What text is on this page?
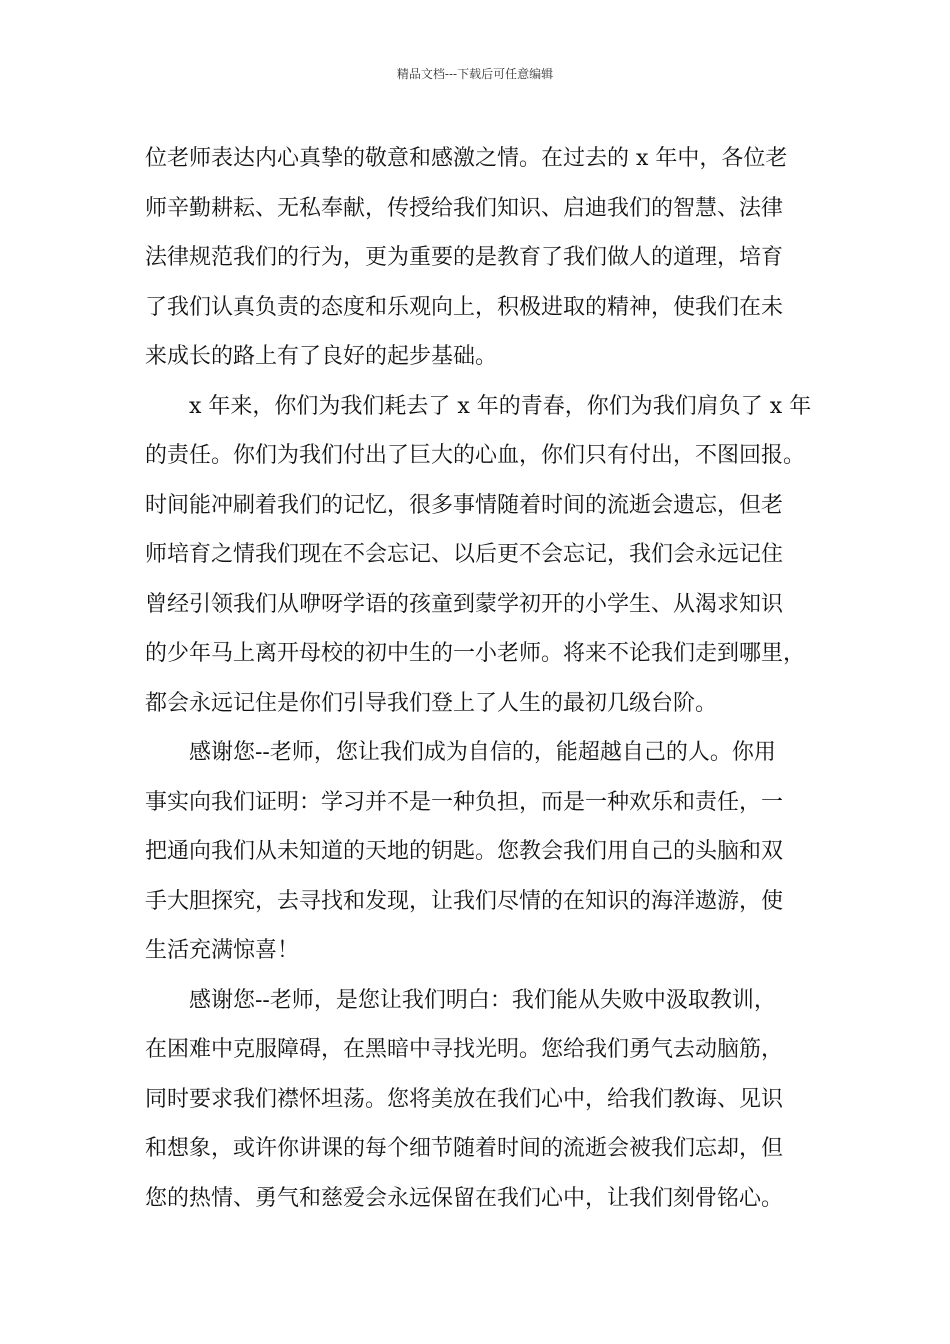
精品文档---下载后可任意编辑
位老师表达内心真挚的敬意和感激之情。在过去的 x 年中，各位老
师辛勤耕耘、无私奉献，传授给我们知识、启迪我们的智慧、法律
法律规范我们的行为，更为重要的是教育了我们做人的道理，培育
了我们认真负责的态度和乐观向上，积极进取的精神，使我们在未
来成长的路上有了良好的起步基础。
x 年来，你们为我们耗去了 x 年的青春，你们为我们肩负了 x 年
的责任。你们为我们付出了巨大的心血，你们只有付出，不图回报。
时间能冲刷着我们的记忆，很多事情随着时间的流逝会遗忘，但老
师培育之情我们现在不会忘记、以后更不会忘记，我们会永远记住
曾经引领我们从咿呀学语的孩童到蒙学初开的小学生、从渴求知识
的少年马上离开母校的初中生的一小老师。将来不论我们走到哪里，
都会永远记住是你们引导我们登上了人生的最初几级台阶。
感谢您--老师，您让我们成为自信的，能超越自己的人。你用
事实向我们证明：学习并不是一种负担，而是一种欢乐和责任，一
把通向我们从未知道的天地的钥匙。您教会我们用自己的头脑和双
手大胆探究，去寻找和发现，让我们尽情的在知识的海洋遨游，使
生活充满惊喜！
感谢您--老师，是您让我们明白：我们能从失败中汲取教训，
在困难中克服障碍，在黑暗中寻找光明。您给我们勇气去动脑筋，
同时要求我们襟怀坦荡。您将美放在我们心中，给我们教诲、见识
和想象，或许你讲课的每个细节随着时间的流逝会被我们忘却，但
您的热情、勇气和慈爱会永远保留在我们心中，让我们刻骨铭心。
